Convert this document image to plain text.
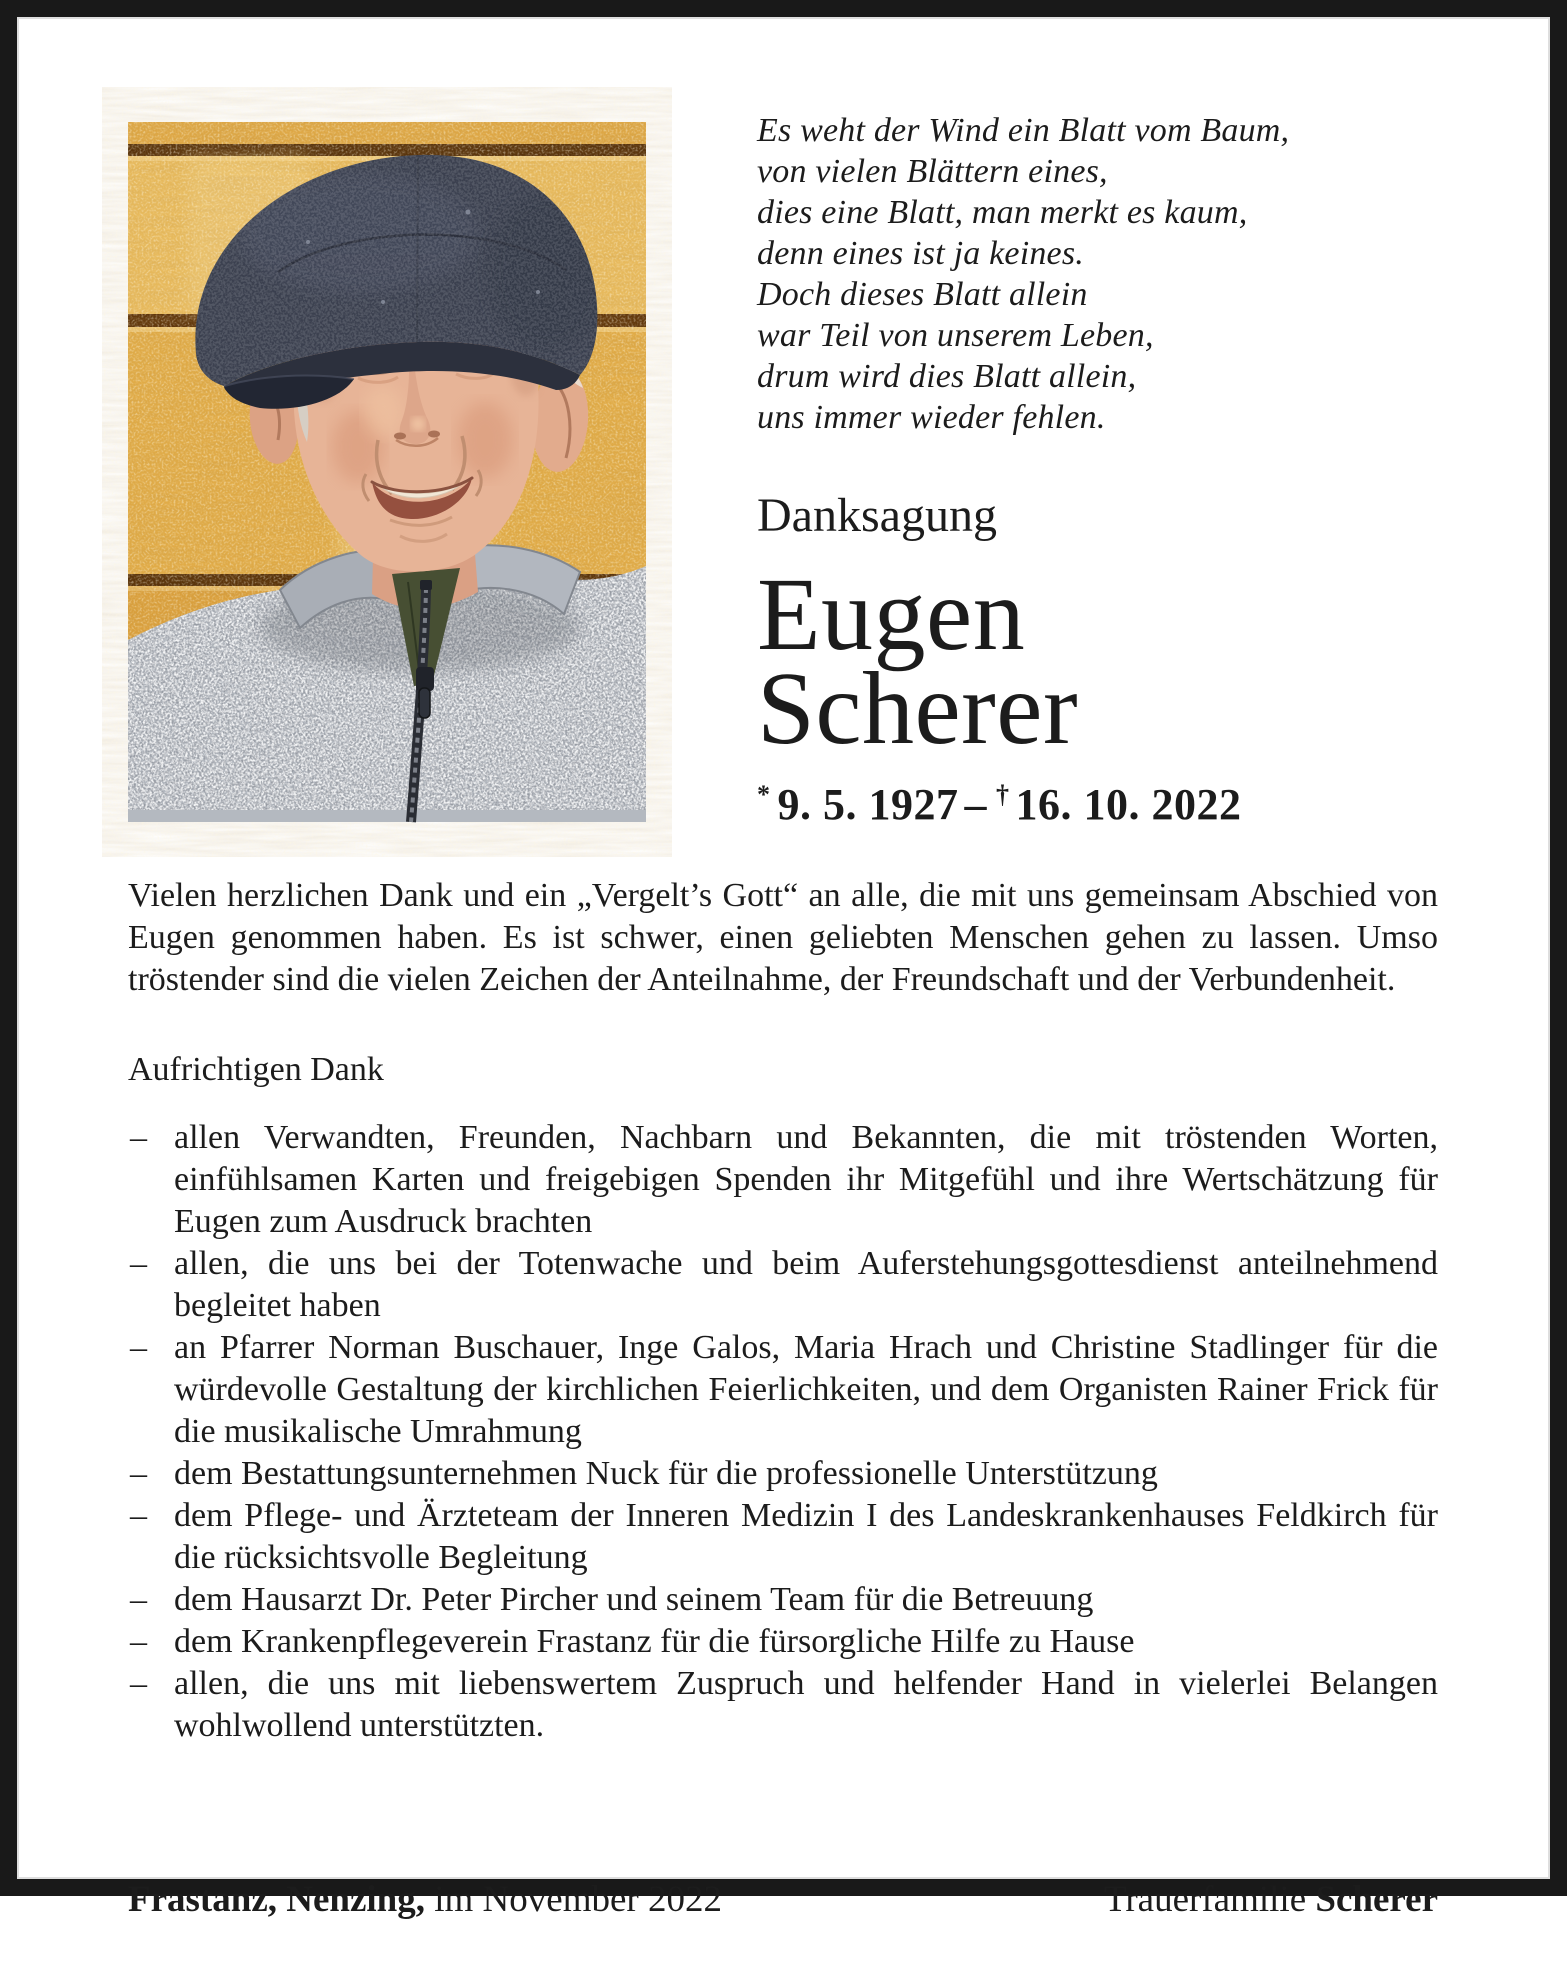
Es weht der Wind ein Blatt vom Baum,
von vielen Blättern eines,
dies eine Blatt, man merkt es kaum,
denn eines ist ja keines.
Doch dieses Blatt allein
war Teil von unserem Leben,
drum wird dies Blatt allein,
uns immer wieder fehlen.
Danksagung
Eugen
Scherer
* 9. 5. 1927 – † 16. 10. 2022

Vielen herzlichen Dank und ein „Vergelt’s Gott“ an alle, die mit uns gemeinsam Abschied von Eugen genommen haben. Es ist schwer, einen geliebten Menschen gehen zu lassen. Umso tröstender sind die vielen Zeichen der Anteilnahme, der Freundschaft und der Verbundenheit.

Aufrichtigen Dank
– allen Verwandten, Freunden, Nachbarn und Bekannten, die mit tröstenden Worten, einfühlsamen Karten und freigebigen Spenden ihr Mitgefühl und ihre Wertschätzung für Eugen zum Ausdruck brachten
– allen, die uns bei der Totenwache und beim Auferstehungsgottesdienst anteilnehmend begleitet haben
– an Pfarrer Norman Buschauer, Inge Galos, Maria Hrach und Christine Stadlinger für die würdevolle Gestaltung der kirchlichen Feierlichkeiten, und dem Organisten Rainer Frick für die musikalische Umrahmung
– dem Bestattungsunternehmen Nuck für die professionelle Unterstützung
– dem Pflege- und Ärzteteam der Inneren Medizin I des Landeskrankenhauses Feldkirch für die rücksichtsvolle Begleitung
– dem Hausarzt Dr. Peter Pircher und seinem Team für die Betreuung
– dem Krankenpflegeverein Frastanz für die fürsorgliche Hilfe zu Hause
– allen, die uns mit liebenswertem Zuspruch und helfender Hand in vielerlei Belangen wohlwollend unterstützten.
Frastanz, Nenzing, im November 2022	Trauerfamilie Scherer
